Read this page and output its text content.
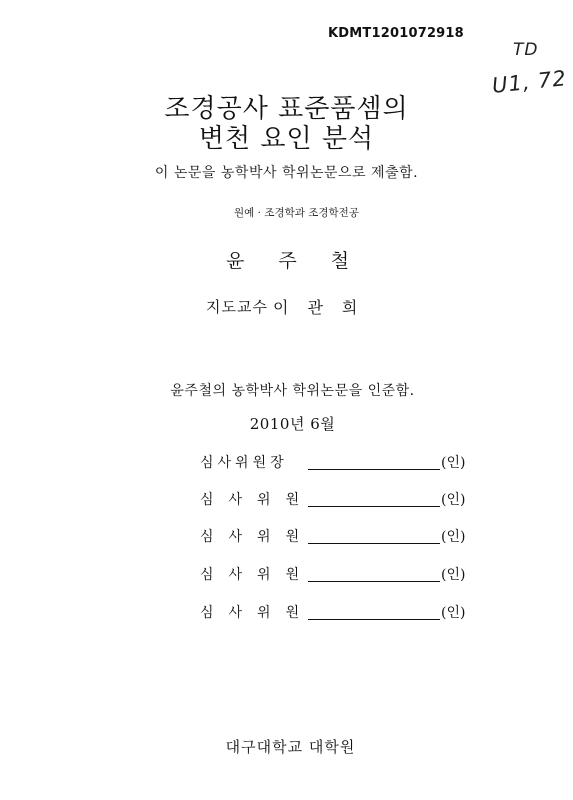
KDMT1201072918
TD
U1, 72
조경공사 표준품셈의
변천 요인 분석
이 논문을 농학박사 학위논문으로 제출함.
원예 · 조경학과 조경학전공
윤주철
지도교수 이관희
윤주철의 농학박사 학위논문을 인준함.
2010년 6월
심사위원장	(인)
심사위원	(인)
심사위원	(인)
심사위원	(인)
심사위원	(인)
대구대학교 대학원
